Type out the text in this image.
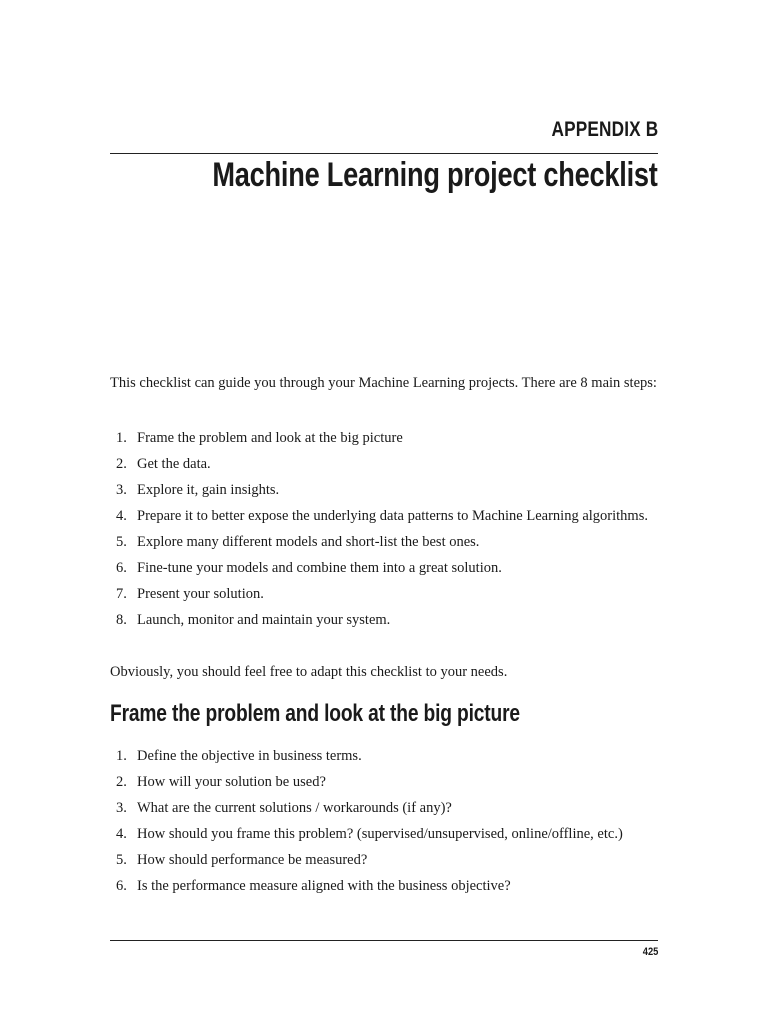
APPENDIX B
Machine Learning project checklist

This checklist can guide you through your Machine Learning projects. There are 8 main steps:

1. Frame the problem and look at the big picture
2. Get the data.
3. Explore it, gain insights.
4. Prepare it to better expose the underlying data patterns to Machine Learning algorithms.
5. Explore many different models and short-list the best ones.
6. Fine-tune your models and combine them into a great solution.
7. Present your solution.
8. Launch, monitor and maintain your system.

Obviously, you should feel free to adapt this checklist to your needs.

Frame the problem and look at the big picture
1. Define the objective in business terms.
2. How will your solution be used?
3. What are the current solutions / workarounds (if any)?
4. How should you frame this problem? (supervised/unsupervised, online/offline, etc.)
5. How should performance be measured?
6. Is the performance measure aligned with the business objective?
425
